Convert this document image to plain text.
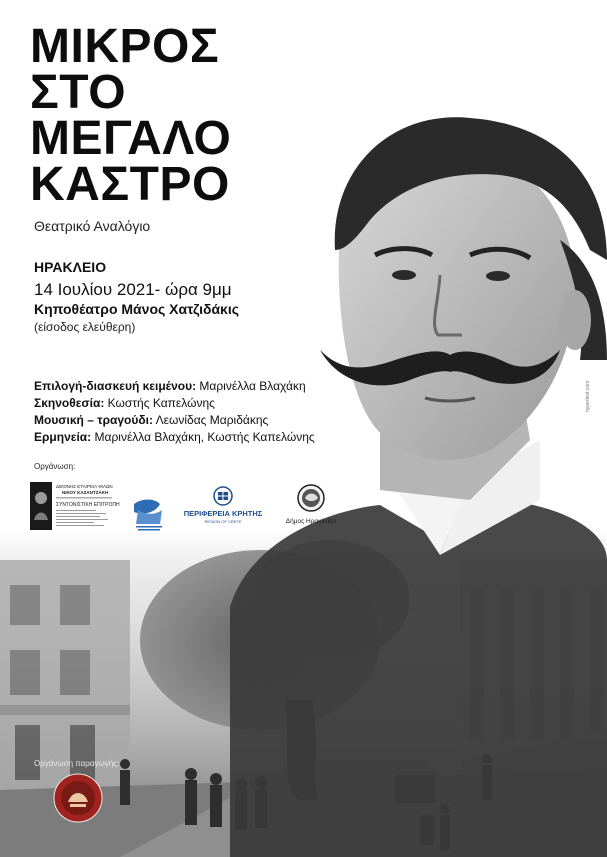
ΜΙΚΡΟΣ
ΣΤΟ
ΜΕΓΑΛΟ
ΚΑΣΤΡΟ
Θεατρικό Αναλόγιο
ΗΡΑΚΛΕΙΟ
14 Ιουλίου 2021- ώρα 9μμ
Κηποθέατρο Μάνος Χατζιδάκις
(είσοδος ελεύθερη)
Επιλογή-διασκευή κειμένου: Μαρινέλλα Βλαχάκη
Σκηνοθεσία: Κωστής Καπελώνης
Μουσική – τραγούδι: Λεωνίδας Μαριδάκης
Ερμηνεία: Μαρινέλλα Βλαχάκη, Κωστής Καπελώνης
Οργάνωση:
ΔΙΕΘΝΗΣ ΕΤΑΙΡΕΙΑ ΦΙΛΩΝ
ΝΙΚΟΥ ΚΑΖΑΝΤΖΑΚΗ
ΣΥΝΤΟΝΙΣΤΙΚΗ ΕΠΙΤΡΟΠΗ
ΠΕΡΙΦΕΡΕΙΑ ΚΡΗΤΗΣ
REGION OF CRETE	Δήμος Ηρακλείου
Οργάνωση παραγωγής:
hypertext.com
